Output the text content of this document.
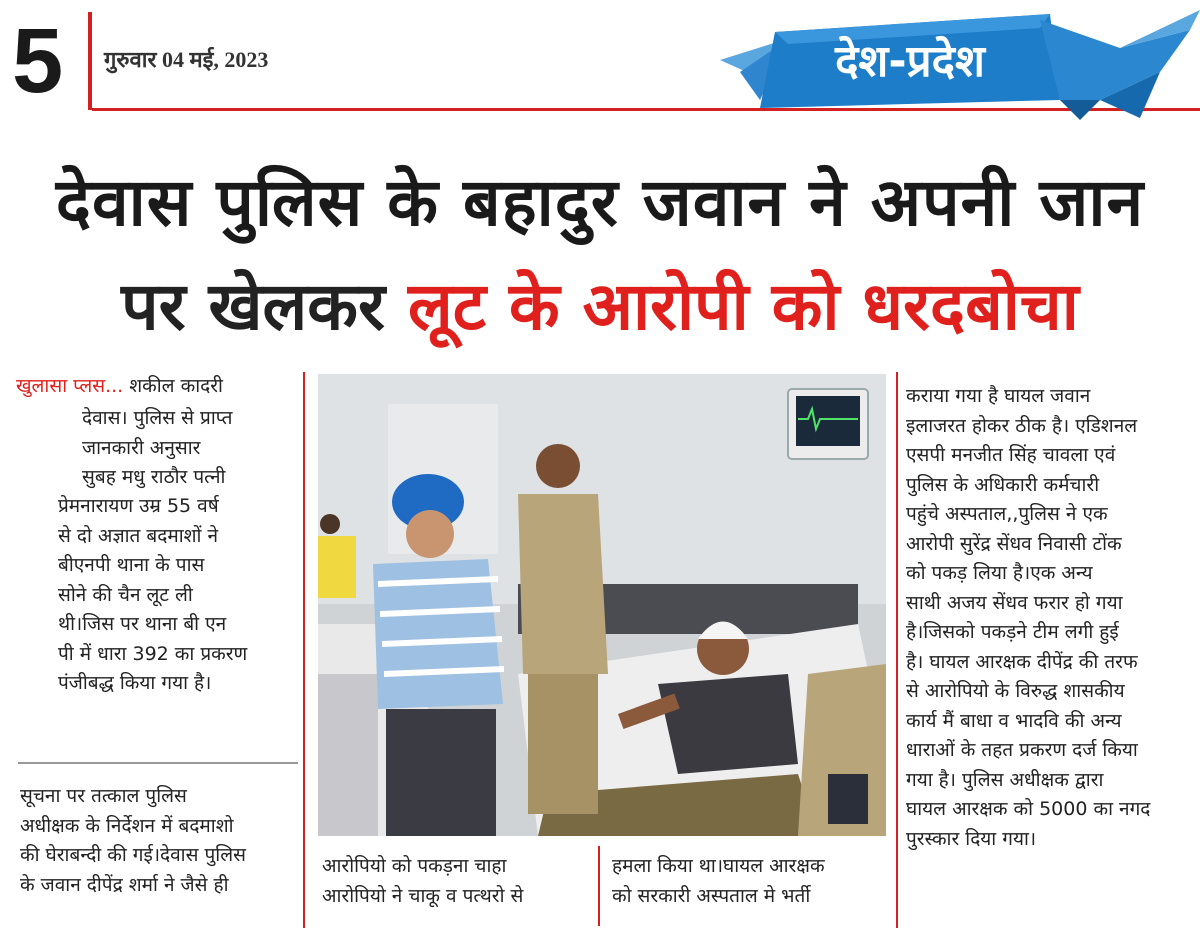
5	गुरुवार 04 मई, 2023	देश-प्रदेश
देवास पुलिस के बहादुर जवान ने अपनी जान
पर खेलकर लूट के आरोपी को धरदबोचा
खुलासा प्लस... शकील कादरी

देवास। पुलिस से प्राप्त

जानकारी अनुसार

सुबह मधु राठौर पत्नी

प्रेमनारायण उम्र 55 वर्ष

से दो अज्ञात बदमाशों ने

बीएनपी थाना के पास

सोने की चैन लूट ली

थी।जिस पर थाना बी एन

पी में धारा 392 का प्रकरण

पंजीबद्ध किया गया है।

सूचना पर तत्काल पुलिस

अधीक्षक के निर्देशन में बदमाशो

की घेराबन्दी की गई।देवास पुलिस

के जवान दीपेंद्र शर्मा ने जैसे ही

आरोपियो को पकड़ना चाहा

आरोपियो ने चाकू व पत्थरो से

हमला किया था।घायल आरक्षक

को सरकारी अस्पताल मे भर्ती

कराया गया है घायल जवान

इलाजरत होकर ठीक है। एडिशनल

एसपी मनजीत सिंह चावला एवं

पुलिस के अधिकारी कर्मचारी

पहुंचे अस्पताल,,पुलिस ने एक

आरोपी सुरेंद्र सेंधव निवासी टोंक

को पकड़ लिया है।एक अन्य

साथी अजय सेंधव फरार हो गया

है।जिसको पकड़ने टीम लगी हुई

है। घायल आरक्षक दीपेंद्र की तरफ

से आरोपियो के विरुद्ध शासकीय

कार्य मैं बाधा व भादवि की अन्य

धाराओं के तहत प्रकरण दर्ज किया

गया है। पुलिस अधीक्षक द्वारा

घायल आरक्षक को 5000 का नगद

पुरस्कार दिया गया।
